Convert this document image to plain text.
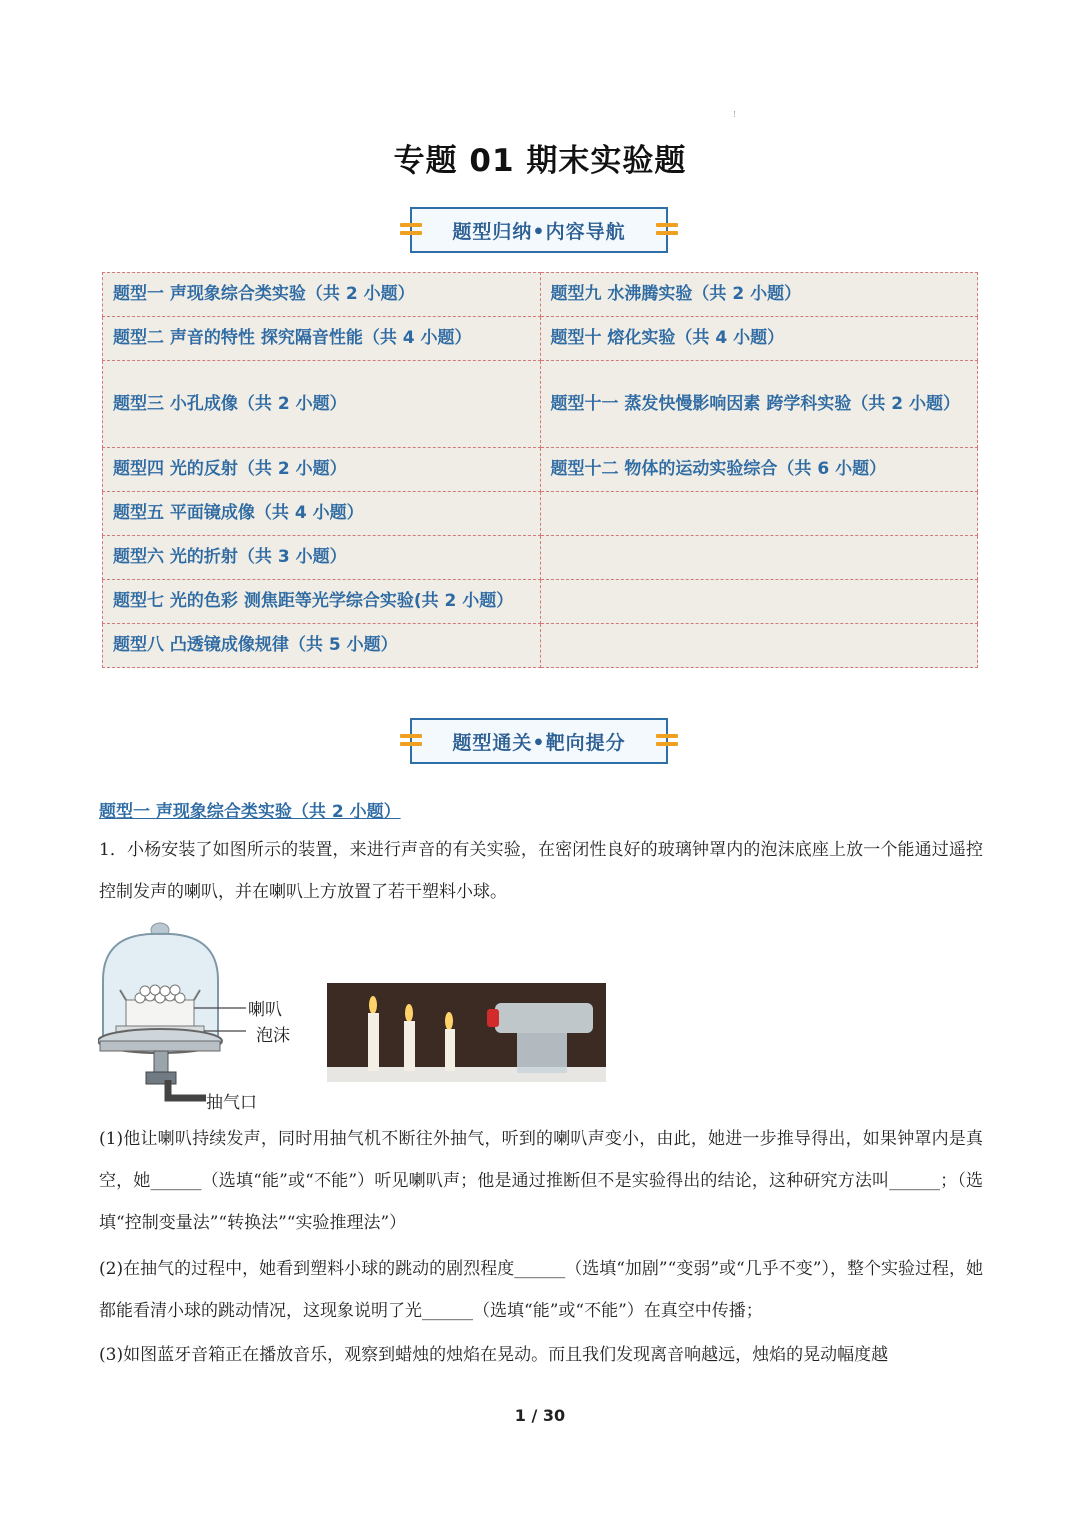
!
专题 01 期末实验题
题型归纳•内容导航
题型一 声现象综合类实验（共 2 小题）	题型九 水沸腾实验（共 2 小题）
题型二 声音的特性 探究隔音性能（共 4 小题）	题型十 熔化实验（共 4 小题）
题型三 小孔成像（共 2 小题）	题型十一 蒸发快慢影响因素 跨学科实验（共 2 小题）
题型四 光的反射（共 2 小题）	题型十二 物体的运动实验综合（共 6 小题）
题型五 平面镜成像（共 4 小题）	
题型六 光的折射（共 3 小题）	
题型七 光的色彩 测焦距等光学综合实验(共 2 小题）	
题型八 凸透镜成像规律（共 5 小题）	
题型通关•靶向提分
题型一 声现象综合类实验（共 2 小题）
1．小杨安装了如图所示的装置，来进行声音的有关实验，在密闭性良好的玻璃钟罩内的泡沫底座上放一个能通过遥控控制发声的喇叭，并在喇叭上方放置了若干塑料小球。
喇叭
泡沫
抽气口
(1)他让喇叭持续发声，同时用抽气机不断往外抽气，听到的喇叭声变小，由此，她进一步推导得出，如果钟罩内是真空，她______（选填“能”或“不能”）听见喇叭声；他是通过推断但不是实验得出的结论，这种研究方法叫______；（选填“控制变量法”“转换法”“实验推理法”）
(2)在抽气的过程中，她看到塑料小球的跳动的剧烈程度______（选填“加剧”“变弱”或“几乎不变”），整个实验过程，她都能看清小球的跳动情况，这现象说明了光______（选填“能”或“不能”）在真空中传播；
(3)如图蓝牙音箱正在播放音乐，观察到蜡烛的烛焰在晃动。而且我们发现离音响越远，烛焰的晃动幅度越
1 / 30
